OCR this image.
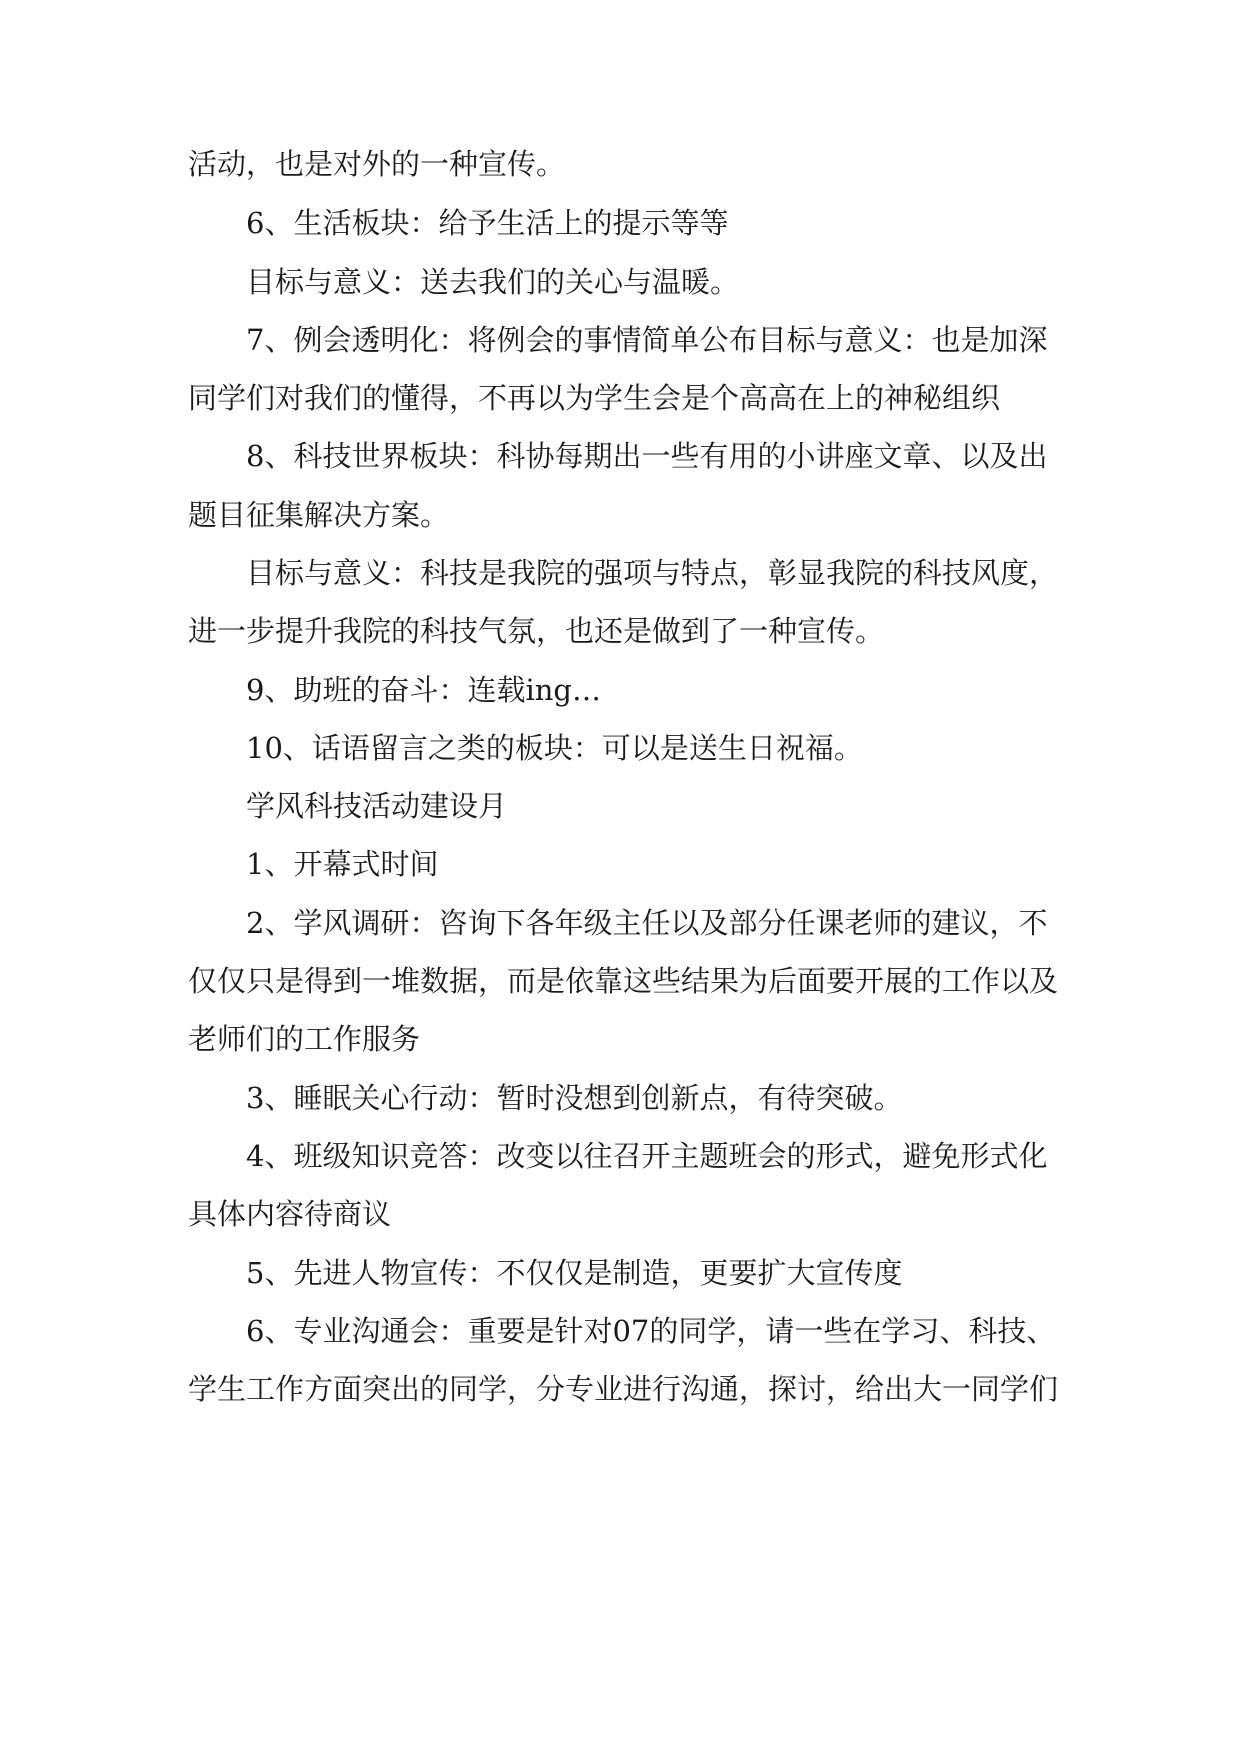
活动，也是对外的一种宣传。
6、生活板块：给予生活上的提示等等
目标与意义：送去我们的关心与温暖。
7、例会透明化：将例会的事情简单公布目标与意义：也是加深
同学们对我们的懂得，不再以为学生会是个高高在上的神秘组织
8、科技世界板块：科协每期出一些有用的小讲座文章、以及出
题目征集解决方案。
目标与意义：科技是我院的强项与特点，彰显我院的科技风度，
进一步提升我院的科技气氛，也还是做到了一种宣传。
9、助班的奋斗：连载ing…
10、话语留言之类的板块：可以是送生日祝福。
学风科技活动建设月
1、开幕式时间
2、学风调研：咨询下各年级主任以及部分任课老师的建议，不
仅仅只是得到一堆数据，而是依靠这些结果为后面要开展的工作以及
老师们的工作服务
3、睡眠关心行动：暂时没想到创新点，有待突破。
4、班级知识竞答：改变以往召开主题班会的形式，避免形式化
具体内容待商议
5、先进人物宣传：不仅仅是制造，更要扩大宣传度
6、专业沟通会：重要是针对07的同学，请一些在学习、科技、
学生工作方面突出的同学，分专业进行沟通，探讨，给出大一同学们
